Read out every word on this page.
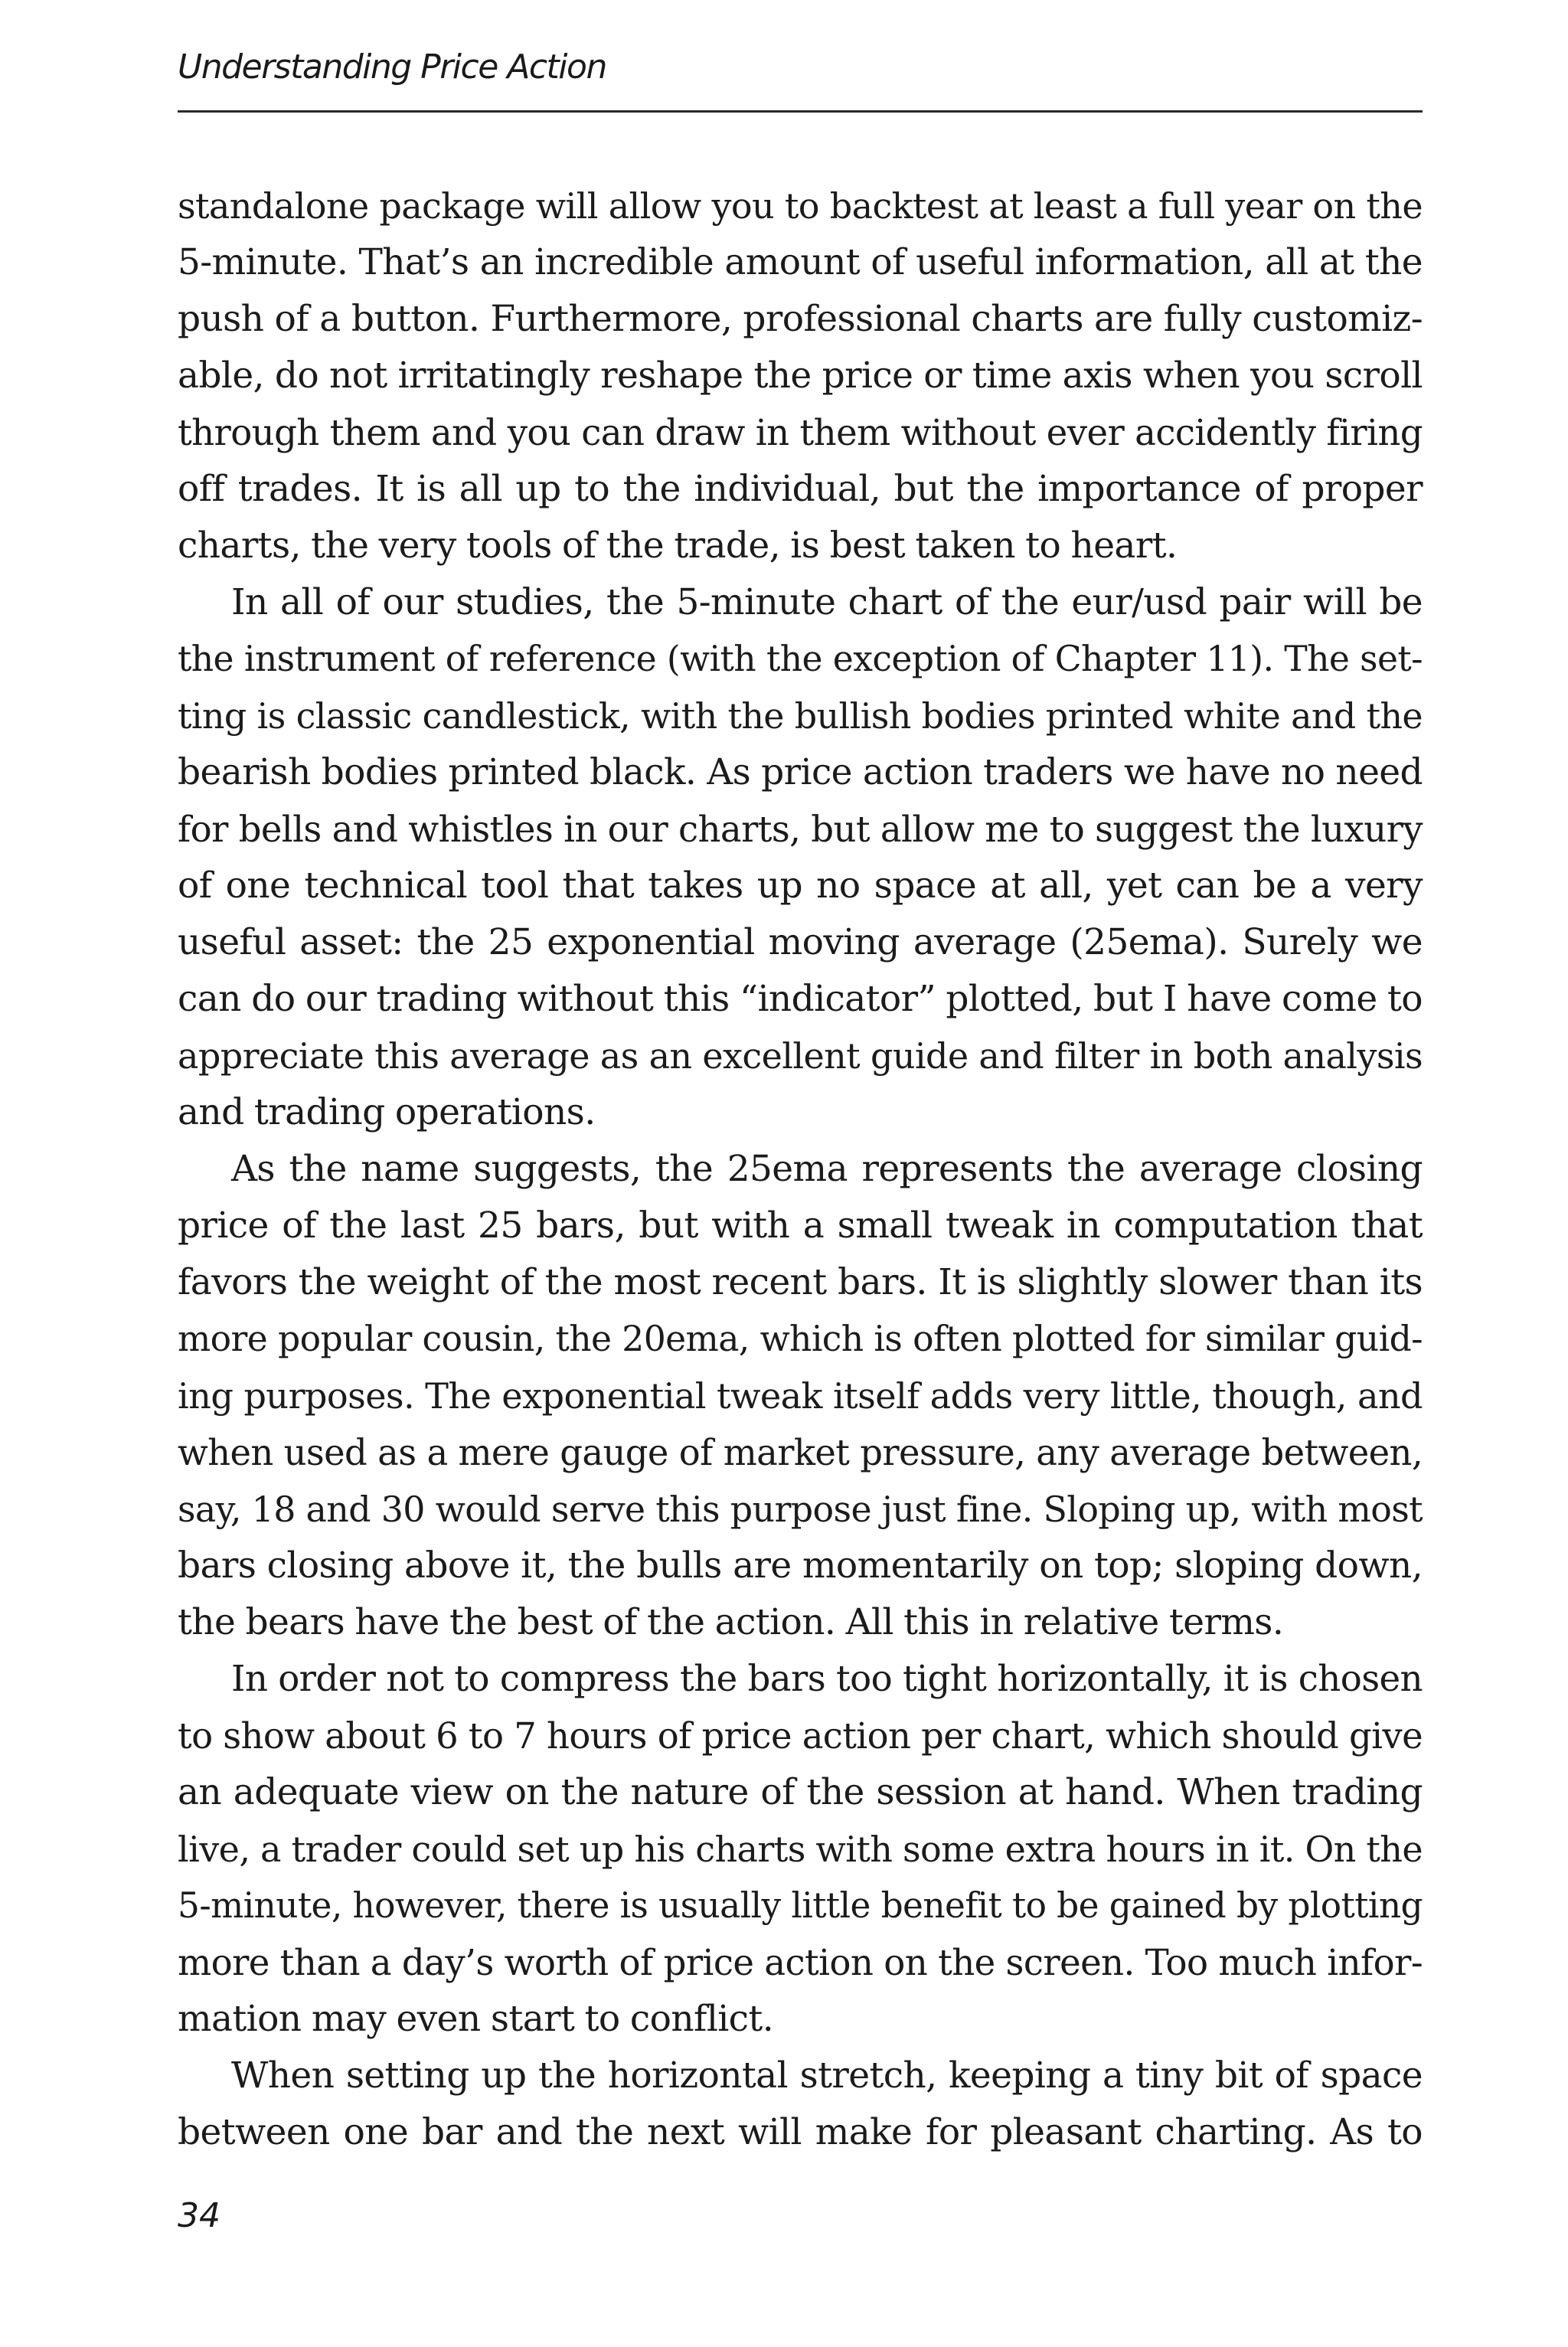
Understanding Price Action
standalone package will allow you to backtest at least a full year on the
5-minute. That’s an incredible amount of useful information, all at the
push of a button. Furthermore, professional charts are fully customiz-
able, do not irritatingly reshape the price or time axis when you scroll
through them and you can draw in them without ever accidently firing
off trades. It is all up to the individual, but the importance of proper
charts, the very tools of the trade, is best taken to heart.
In all of our studies, the 5-minute chart of the eur/usd pair will be
the instrument of reference (with the exception of Chapter 11). The set-
ting is classic candlestick, with the bullish bodies printed white and the
bearish bodies printed black. As price action traders we have no need
for bells and whistles in our charts, but allow me to suggest the luxury
of one technical tool that takes up no space at all, yet can be a very
useful asset: the 25 exponential moving average (25ema). Surely we
can do our trading without this “indicator” plotted, but I have come to
appreciate this average as an excellent guide and filter in both analysis
and trading operations.
As the name suggests, the 25ema represents the average closing
price of the last 25 bars, but with a small tweak in computation that
favors the weight of the most recent bars. It is slightly slower than its
more popular cousin, the 20ema, which is often plotted for similar guid-
ing purposes. The exponential tweak itself adds very little, though, and
when used as a mere gauge of market pressure, any average between,
say, 18 and 30 would serve this purpose just fine. Sloping up, with most
bars closing above it, the bulls are momentarily on top; sloping down,
the bears have the best of the action. All this in relative terms.
In order not to compress the bars too tight horizontally, it is chosen
to show about 6 to 7 hours of price action per chart, which should give
an adequate view on the nature of the session at hand. When trading
live, a trader could set up his charts with some extra hours in it. On the
5-minute, however, there is usually little benefit to be gained by plotting
more than a day’s worth of price action on the screen. Too much infor-
mation may even start to conflict.
When setting up the horizontal stretch, keeping a tiny bit of space
between one bar and the next will make for pleasant charting. As to
34
